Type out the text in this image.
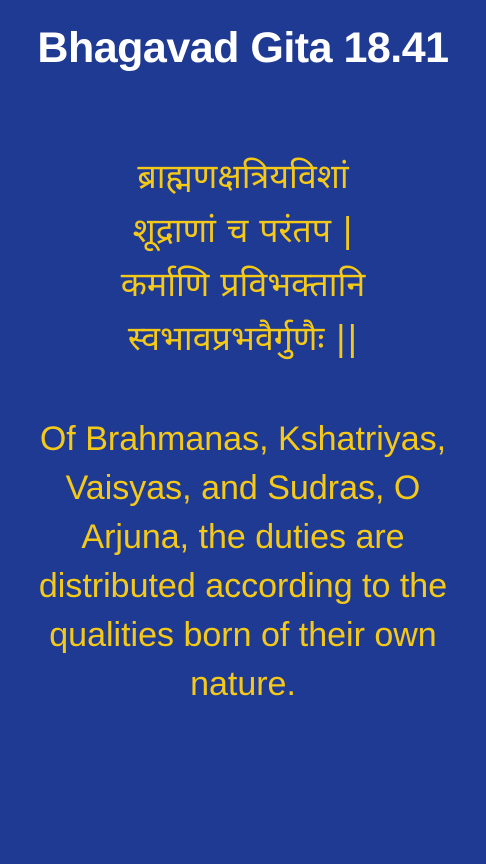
Bhagavad Gita 18.41
ब्राह्मणक्षत्रियविशां
शूद्राणां च परंतप |
कर्माणि प्रविभक्तानि
स्वभावप्रभवैर्गुणैः ||
Of Brahmanas, Kshatriyas,
Vaisyas, and Sudras, O
Arjuna, the duties are
distributed according to the
qualities born of their own
nature.
